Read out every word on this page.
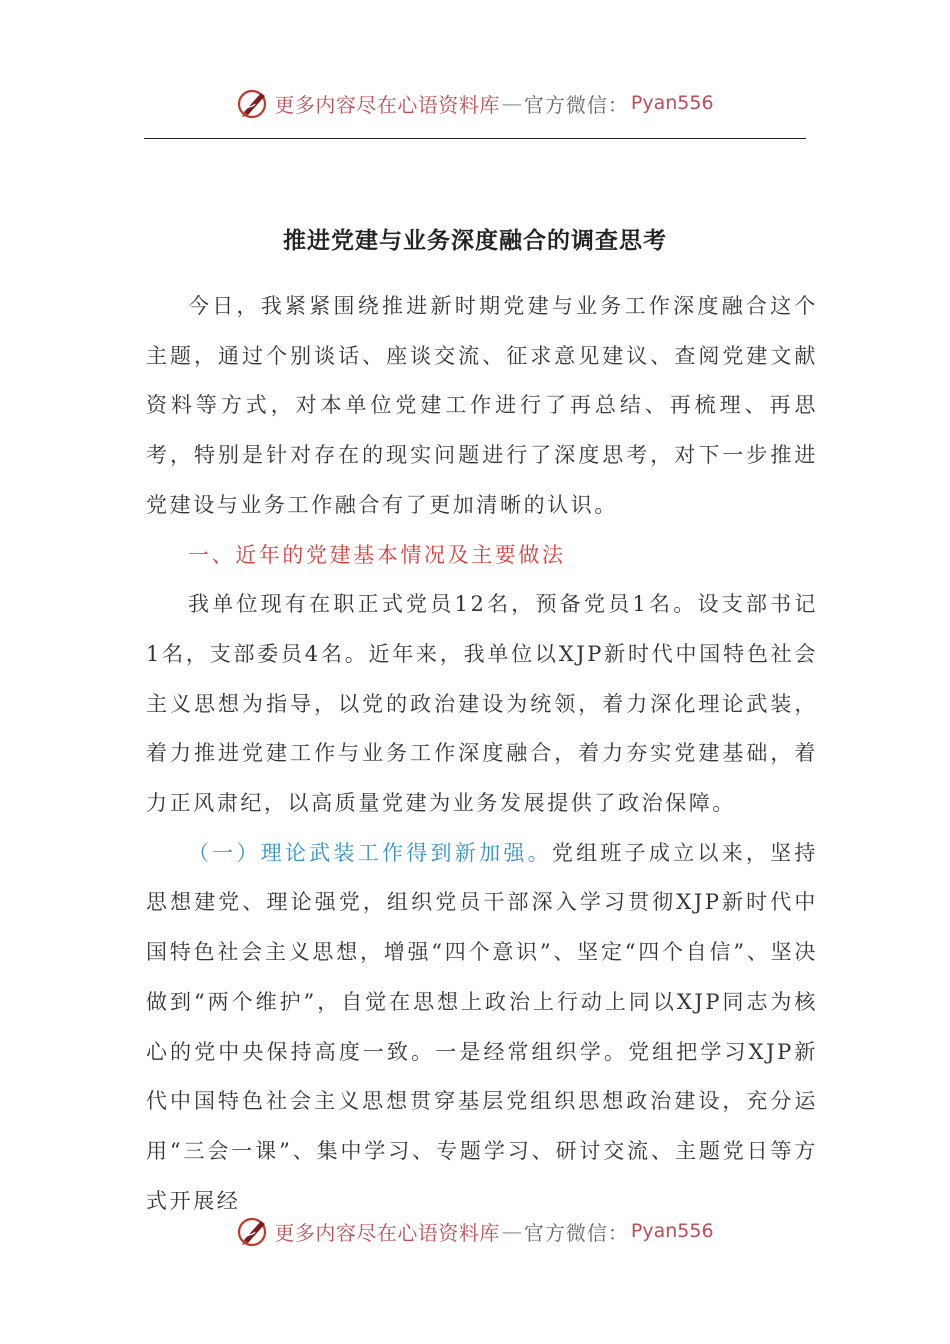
更多内容尽在心语资料库 — 官方微信： Pyan556
推进党建与业务深度融合的调查思考

今日，我紧紧围绕推进新时期党建与业务工作深度融合这个主题，通过个别谈话、座谈交流、征求意见建议、查阅党建文献资料等方式，对本单位党建工作进行了再总结、再梳理、再思考，特别是针对存在的现实问题进行了深度思考，对下一步推进党建设与业务工作融合有了更加清晰的认识。

一、近年的党建基本情况及主要做法

我单位现有在职正式党员12名，预备党员1名。设支部书记1名，支部委员4名。近年来，我单位以XJP新时代中国特色社会主义思想为指导，以党的政治建设为统领，着力深化理论武装，着力推进党建工作与业务工作深度融合，着力夯实党建基础，着力正风肃纪，以高质量党建为业务发展提供了政治保障。

（一）理论武装工作得到新加强。党组班子成立以来，坚持思想建党、理论强党，组织党员干部深入学习贯彻XJP新时代中国特色社会主义思想，增强“四个意识”、坚定“四个自信”、坚决做到“两个维护”，自觉在思想上政治上行动上同以XJP同志为核心的党中央保持高度一致。一是经常组织学。党组把学习XJP新代中国特色社会主义思想贯穿基层党组织思想政治建设，充分运用“三会一课”、集中学习、专题学习、研讨交流、主题党日等方式开展经

更多内容尽在心语资料库 — 官方微信： Pyan556
